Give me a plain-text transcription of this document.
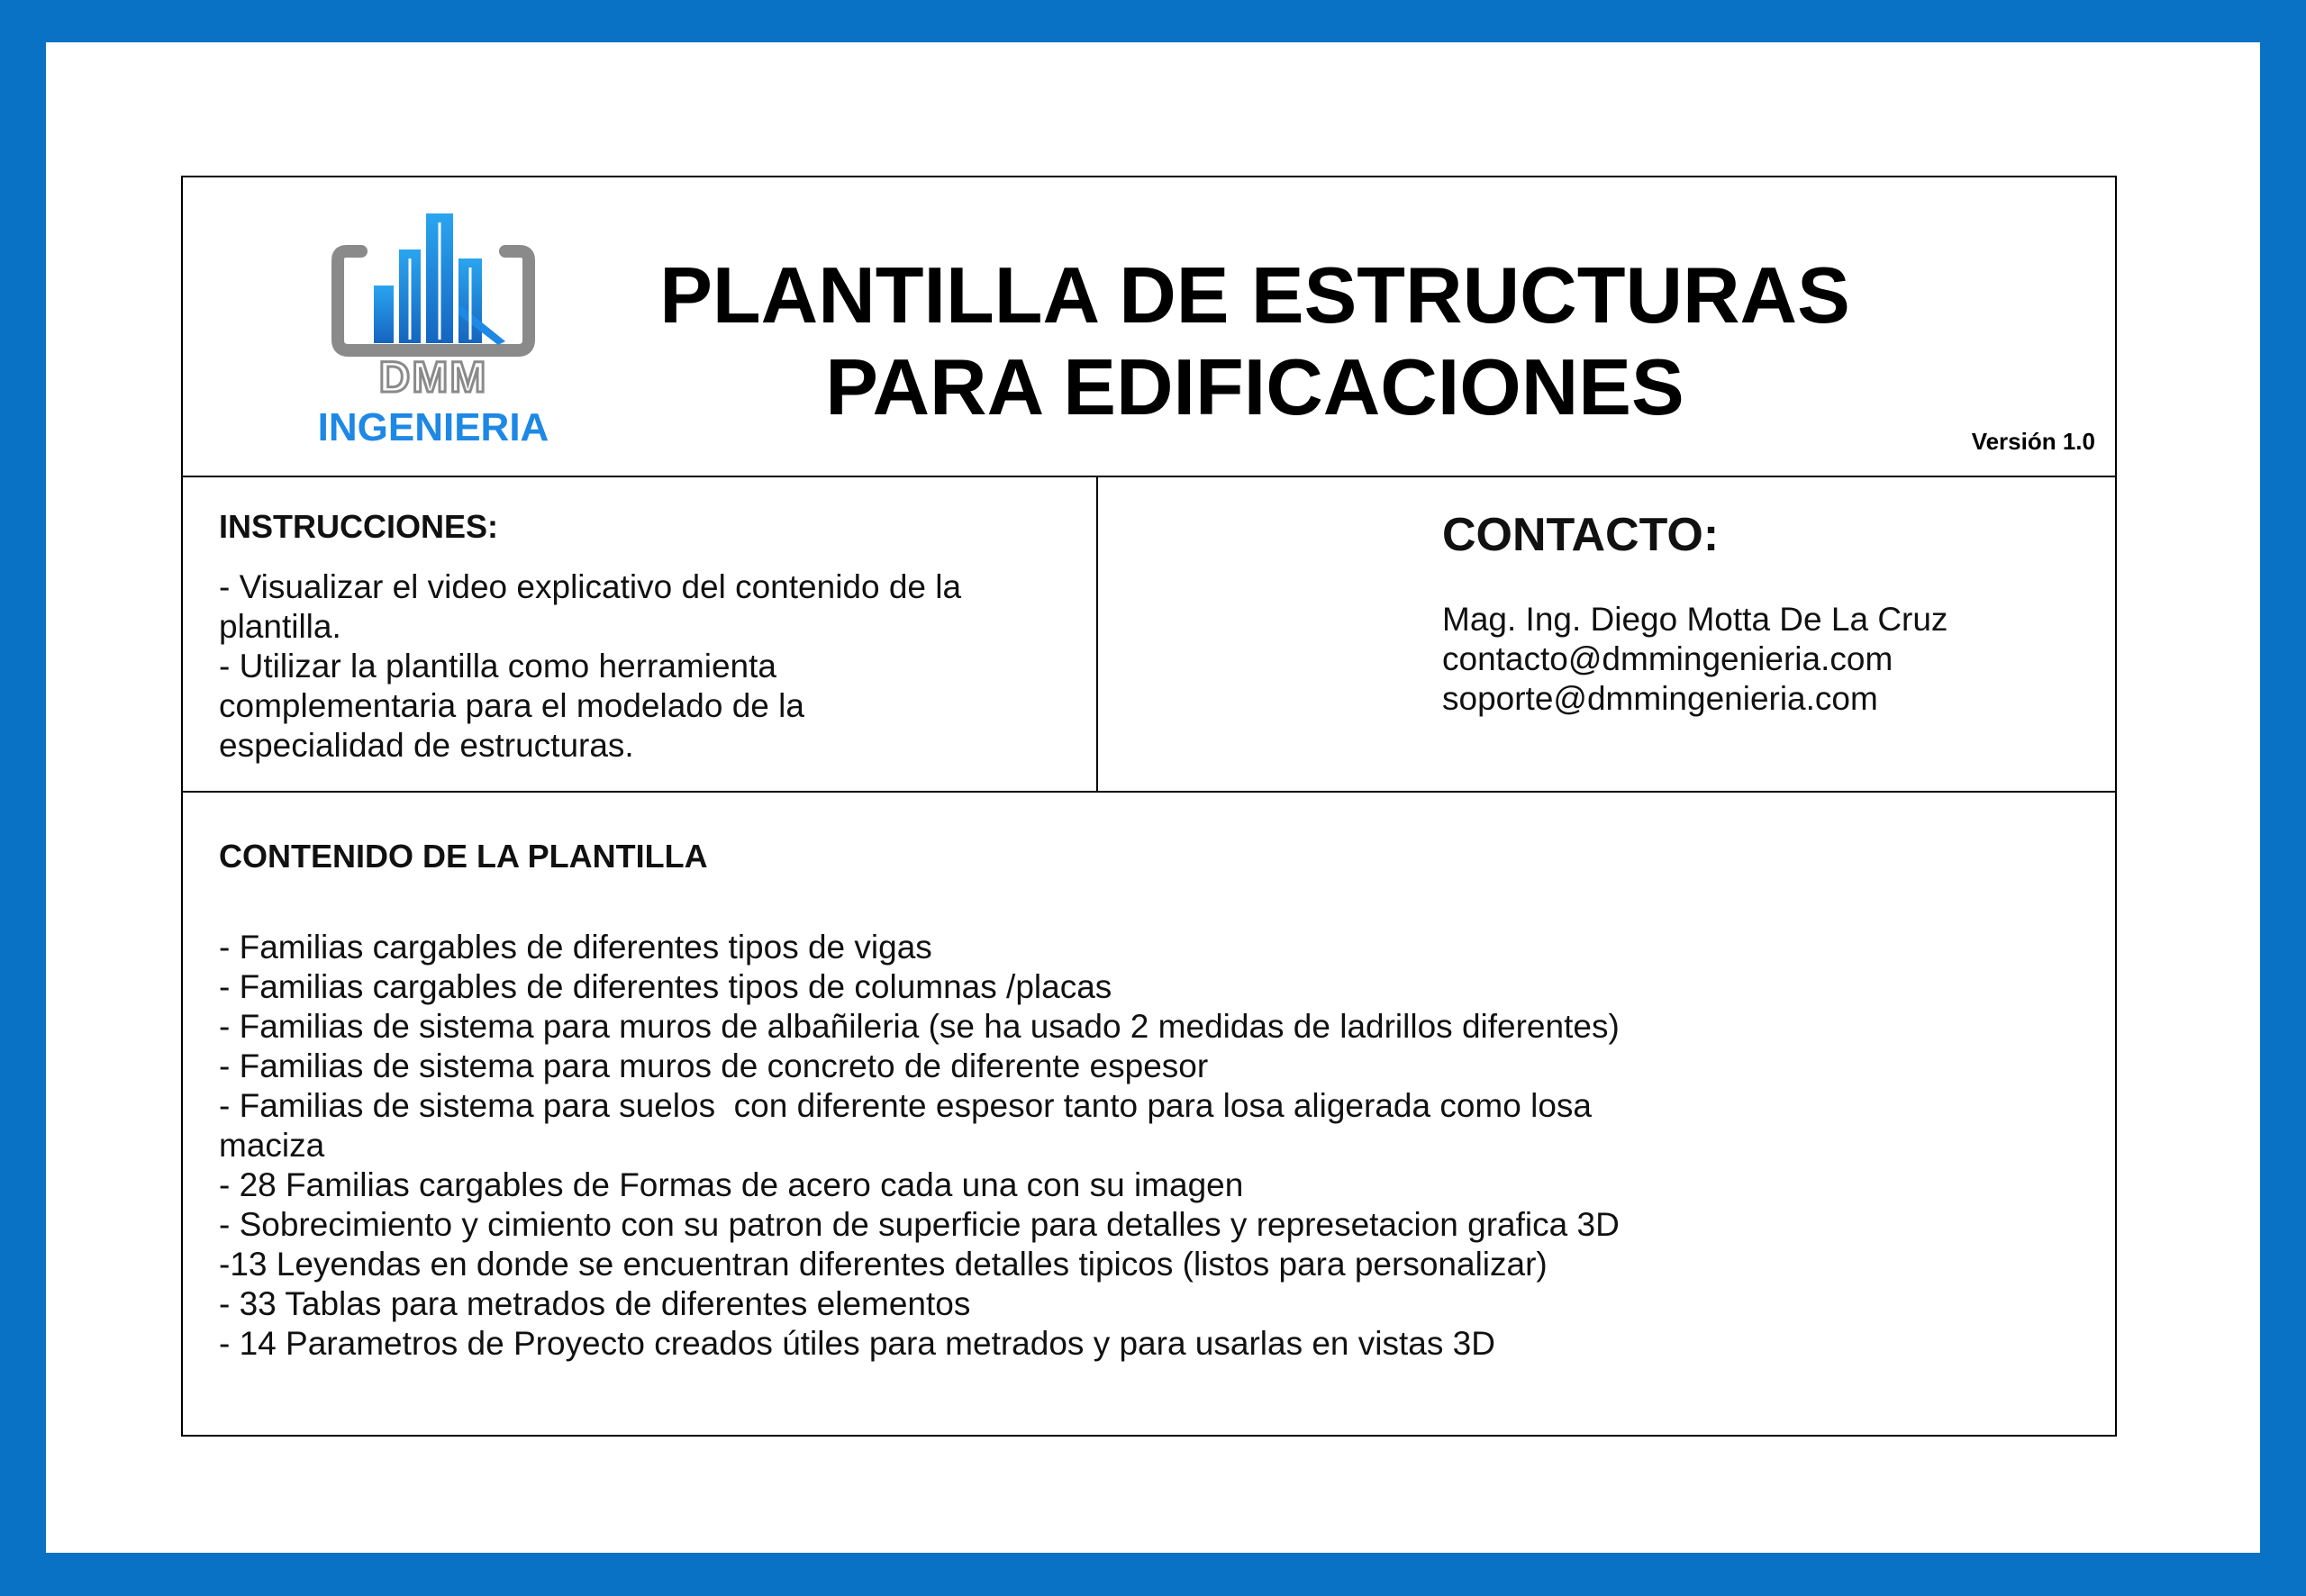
DMM
INGENIERIA
PLANTILLA DE ESTRUCTURAS
PARA EDIFICACIONES
Versión 1.0
INSTRUCCIONES:
- Visualizar el video explicativo del contenido de la
plantilla.
- Utilizar la plantilla como herramienta
complementaria para el modelado de la
especialidad de estructuras.
CONTACTO:
Mag. Ing. Diego Motta De La Cruz
contacto@dmmingenieria.com
soporte@dmmingenieria.com
CONTENIDO DE LA PLANTILLA
- Familias cargables de diferentes tipos de vigas
- Familias cargables de diferentes tipos de columnas /placas
- Familias de sistema para muros de albañileria (se ha usado 2 medidas de ladrillos diferentes)
- Familias de sistema para muros de concreto de diferente espesor
- Familias de sistema para suelos  con diferente espesor tanto para losa aligerada como losa
maciza
- 28 Familias cargables de Formas de acero cada una con su imagen
- Sobrecimiento y cimiento con su patron de superficie para detalles y represetacion grafica 3D
-13 Leyendas en donde se encuentran diferentes detalles tipicos (listos para personalizar)
- 33 Tablas para metrados de diferentes elementos
- 14 Parametros de Proyecto creados útiles para metrados y para usarlas en vistas 3D
